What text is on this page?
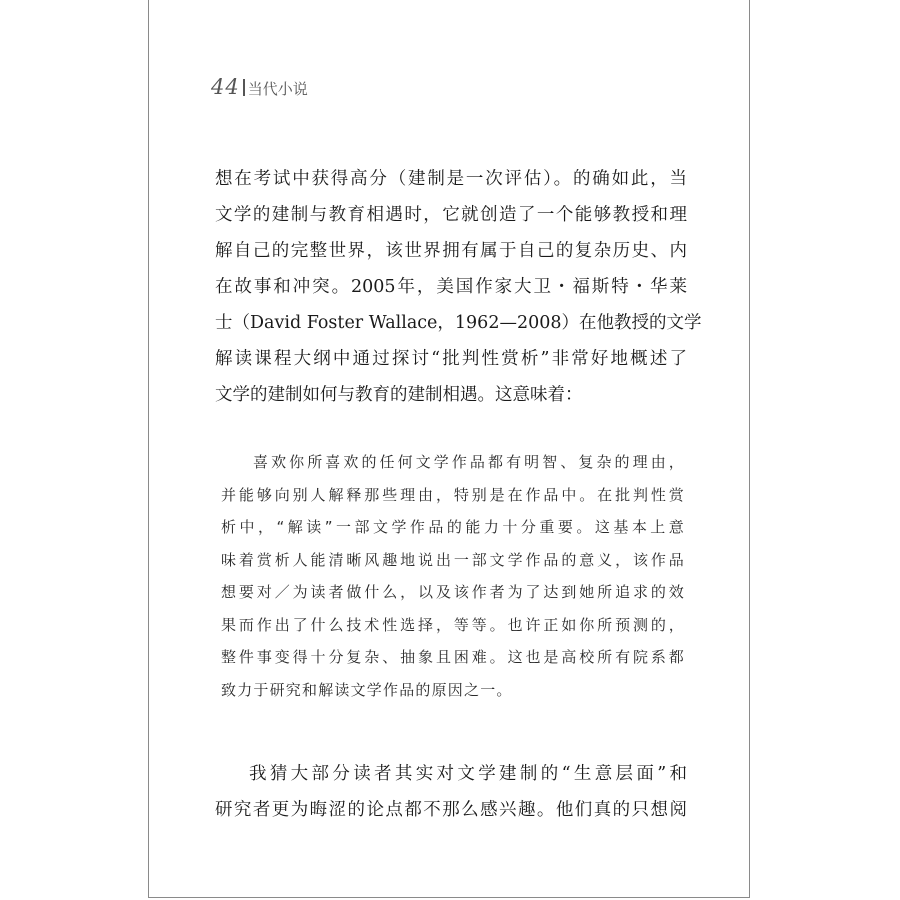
44 当代小说
想在考试中获得高分（建制是一次评估）。的确如此，当
文学的建制与教育相遇时，它就创造了一个能够教授和理
解自己的完整世界，该世界拥有属于自己的复杂历史、内
在故事和冲突。2005年，美国作家大卫・福斯特・华莱
士（David Foster Wallace，1962—2008）在他教授的文学
解读课程大纲中通过探讨“批判性赏析”非常好地概述了
文学的建制如何与教育的建制相遇。这意味着：
喜欢你所喜欢的任何文学作品都有明智、复杂的理由，
并能够向别人解释那些理由，特别是在作品中。在批判性赏
析中，“解读”一部文学作品的能力十分重要。这基本上意
味着赏析人能清晰风趣地说出一部文学作品的意义，该作品
想要对／为读者做什么，以及该作者为了达到她所追求的效
果而作出了什么技术性选择，等等。也许正如你所预测的，
整件事变得十分复杂、抽象且困难。这也是高校所有院系都
致力于研究和解读文学作品的原因之一。
我猜大部分读者其实对文学建制的“生意层面”和
研究者更为晦涩的论点都不那么感兴趣。他们真的只想阅
